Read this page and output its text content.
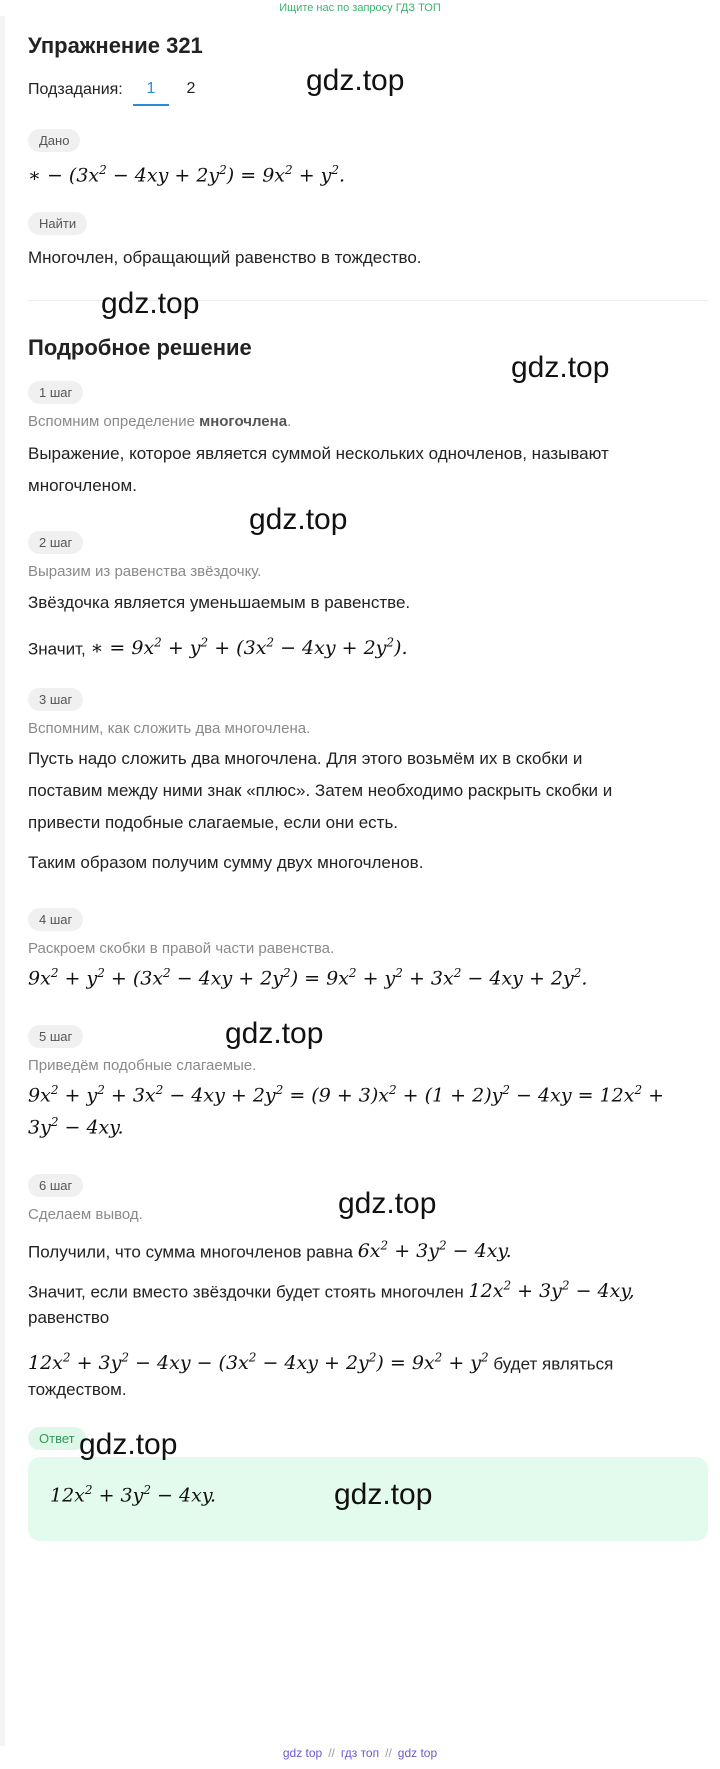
Ищите нас по запросу ГДЗ ТОП
Упражнение 321
Подзадания:	1	2
Дано
∗ − $(3x^2 - 4xy + 2y^2) = 9x^2 + y^2$.
Найти
Многочлен, обращающий равенство в тождество.
Подробное решение
1 шаг
Вспомним определение многочлена.
Выражение, которое является суммой нескольких одночленов, называют
многочленом.
2 шаг
Выразим из равенства звёздочку.
Звёздочка является уменьшаемым в равенстве.
Значит, ∗ = $9x^2 + y^2 + (3x^2 - 4xy + 2y^2)$.
3 шаг
Вспомним, как сложить два многочлена.
Пусть надо сложить два многочлена. Для этого возьмём их в скобки и
поставим между ними знак «плюс». Затем необходимо раскрыть скобки и
привести подобные слагаемые, если они есть.
Таким образом получим сумму двух многочленов.
4 шаг
Раскроем скобки в правой части равенства.
$9x^2 + y^2 + (3x^2 - 4xy + 2y^2) = 9x^2 + y^2 + 3x^2 - 4xy + 2y^2$.
5 шаг
Приведём подобные слагаемые.
$9x^2 + y^2 + 3x^2 - 4xy + 2y^2 = (9 + 3)x^2 + (1 + 2)y^2 - 4xy = 12x^2$ +
$3y^2 - 4xy$.
6 шаг
Сделаем вывод.
Получили, что сумма многочленов равна $6x^2 + 3y^2 - 4xy$.
Значит, если вместо звёздочки будет стоять многочлен $12x^2 + 3y^2 - 4xy$,
равенство
$12x^2 + 3y^2 - 4xy - (3x^2 - 4xy + 2y^2) = 9x^2 + y^2$ будет являться
тождеством.
Ответ
$12x^2 + 3y^2 - 4xy$.
gdz.top
gdz.top
gdz.top
gdz.top
gdz.top
gdz.top
gdz.top
gdz.top
gdz top // гдз топ // gdz top
